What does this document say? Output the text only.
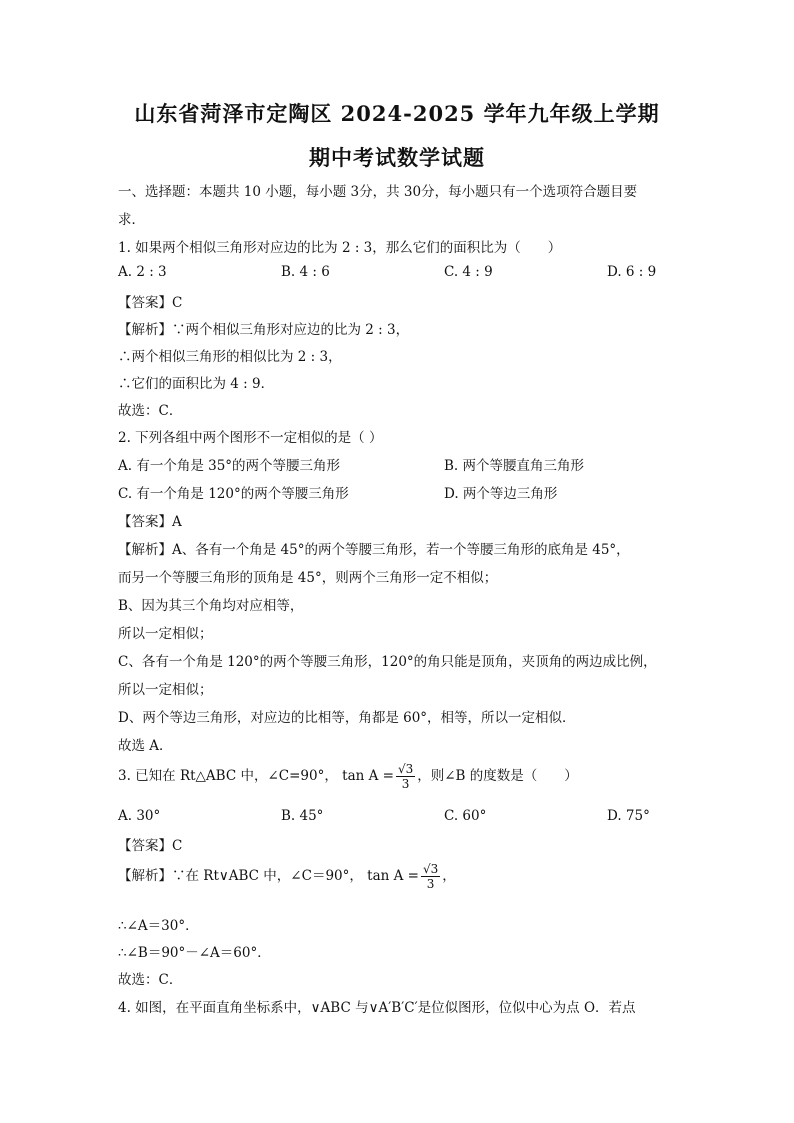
山东省菏泽市定陶区 2024-2025 学年九年级上学期
期中考试数学试题
一、选择题：本题共 10 小题，每小题 3分，共 30分，每小题只有一个选项符合题目要
求．
1. 如果两个相似三角形对应边的比为 2 : 3，那么它们的面积比为（　　）
A. 2 : 3	B. 4 : 6	C. 4 : 9	D. 6 : 9
【答案】C
【解析】∵两个相似三角形对应边的比为 2 : 3，
∴两个相似三角形的相似比为 2 : 3，
∴它们的面积比为 4 : 9．
故选：C．
2. 下列各组中两个图形不一定相似的是（ ）
A. 有一个角是 35°的两个等腰三角形	B. 两个等腰直角三角形
C. 有一个角是 120°的两个等腰三角形	D. 两个等边三角形
【答案】A
【解析】A、各有一个角是 45°的两个等腰三角形，若一个等腰三角形的底角是 45°，
而另一个等腰三角形的顶角是 45°，则两个三角形一定不相似；
B、因为其三个角均对应相等，
所以一定相似；
C、各有一个角是 120°的两个等腰三角形，120°的角只能是顶角，夹顶角的两边成比例，
所以一定相似；
D、两个等边三角形，对应边的比相等，角都是 60°，相等，所以一定相似．
故选 A．
3. 已知在 Rt△ABC 中，∠C=90°， $\tan A = \frac{√3}{3}$ ，则∠B 的度数是（　　）
A. 30°	B. 45°	C. 60°	D. 75°
【答案】C
【解析】∵在 Rt∨ABC 中，∠C＝90°， $\tan A = \frac{√3}{3}$ ，
∴∠A＝30°．
∴∠B＝90°－∠A＝60°．
故选：C．
4. 如图，在平面直角坐标系中，∨ABC 与∨A′B′C′是位似图形，位似中心为点 O．若点
